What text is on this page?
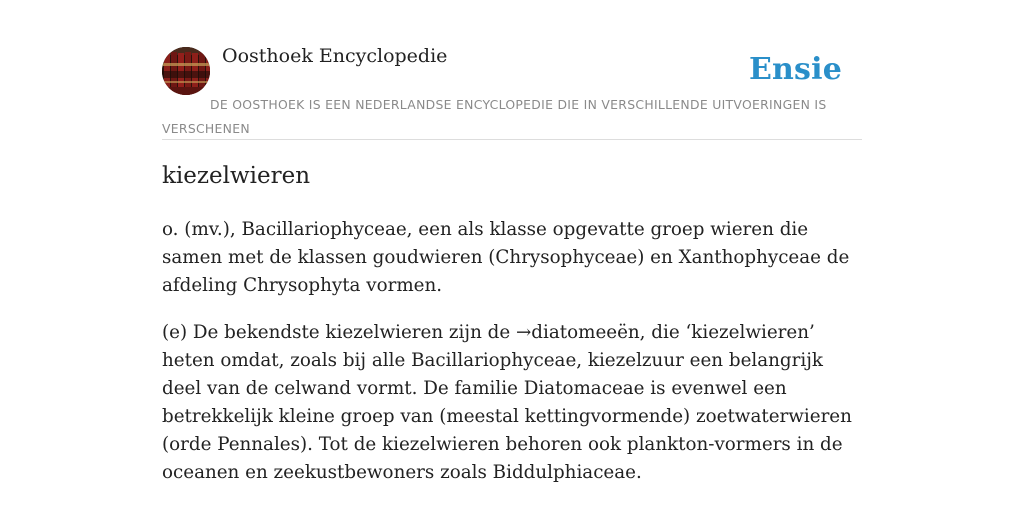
Oosthoek Encyclopedie	Ensie
DE OOSTHOEK IS EEN NEDERLANDSE ENCYCLOPEDIE DIE IN VERSCHILLENDE UITVOERINGEN IS VERSCHENEN
kiezelwieren

o. (mv.), Bacillariophyceae, een als klasse opgevatte groep wieren die samen met de klassen goudwieren (Chrysophyceae) en Xanthophyceae de afdeling Chrysophyta vormen.

(e) De bekendste kiezelwieren zijn de →diatomeeën, die ‘kiezelwieren’ heten omdat, zoals bij alle Bacillariophyceae, kiezelzuur een belangrijk deel van de celwand vormt. De familie Diatomaceae is evenwel een betrekkelijk kleine groep van (meestal kettingvormende) zoetwaterwieren (orde Pennales). Tot de kiezelwieren behoren ook plankton-vormers in de oceanen en zeekustbewoners zoals Biddulphiaceae.
